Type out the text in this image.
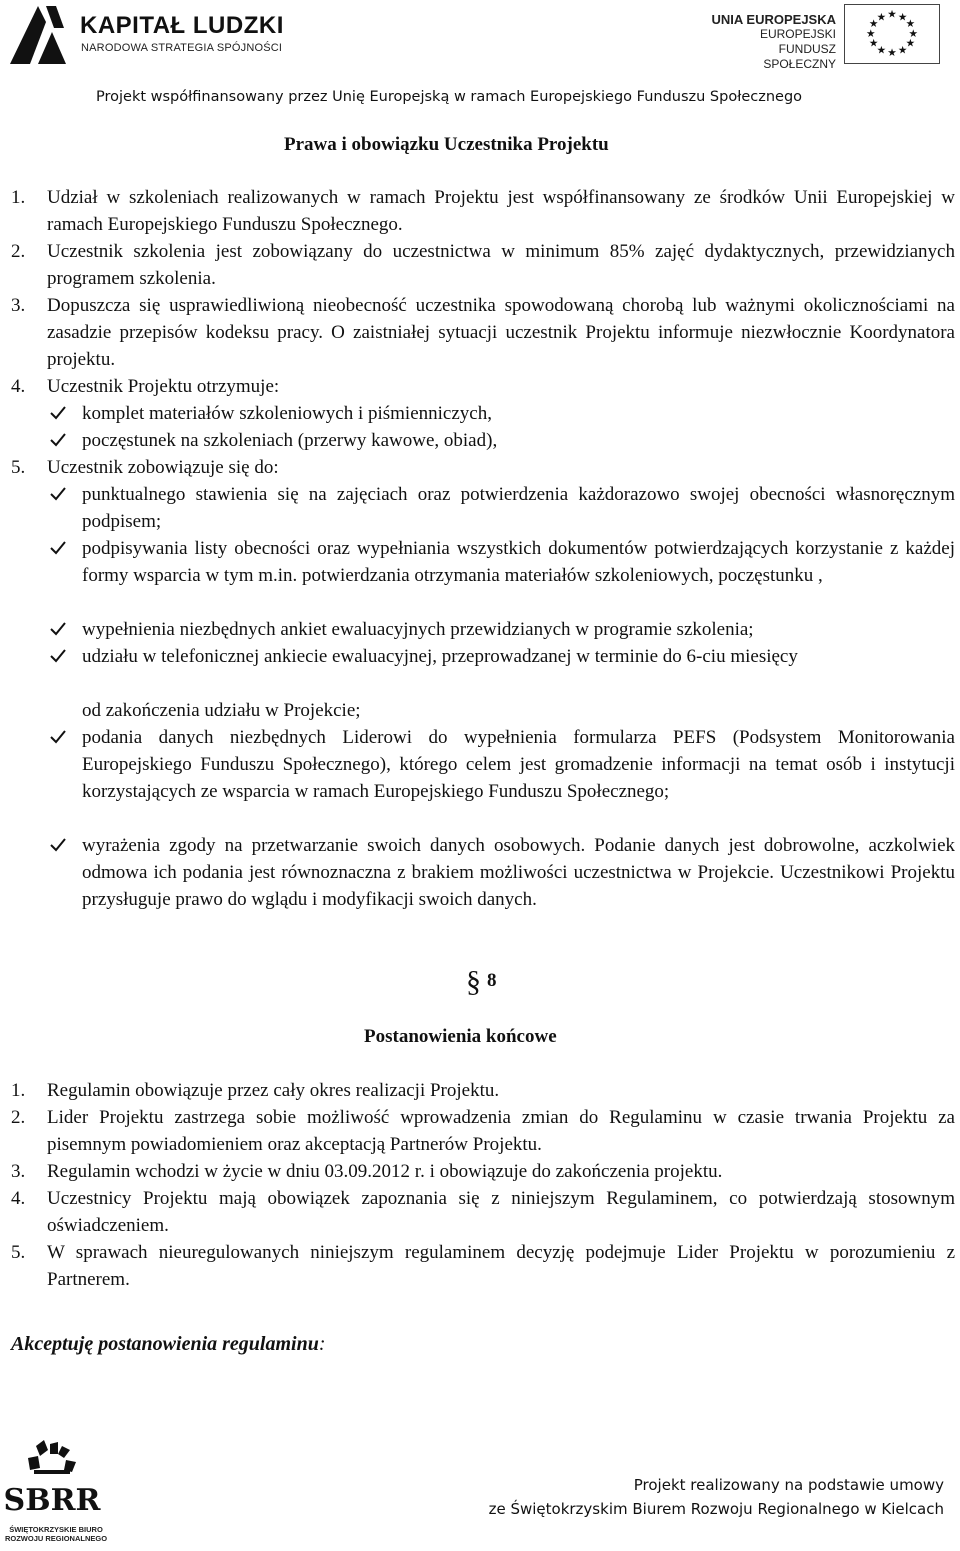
KAPITAŁ LUDZKI
NARODOWA STRATEGIA SPÓJNOŚCI
UNIA EUROPEJSKA
EUROPEJSKI
FUNDUSZ SPOŁECZNY
★ ★
★
★
★
★
★
★
★
★
★
★
Projekt współfinansowany przez Unię Europejską w ramach Europejskiego Funduszu Społecznego
Prawa i obowiązku Uczestnika Projektu
1. Udział w szkoleniach realizowanych w ramach Projektu jest współfinansowany ze środków Unii Europejskiej w ramach Europejskiego Funduszu Społecznego.
2. Uczestnik szkolenia jest zobowiązany do uczestnictwa w minimum 85% zajęć dydaktycznych, przewidzianych programem szkolenia.
3. Dopuszcza się usprawiedliwioną nieobecność uczestnika spowodowaną chorobą lub ważnymi okolicznościami na zasadzie przepisów kodeksu pracy. O zaistniałej sytuacji uczestnik Projektu informuje niezwłocznie Koordynatora projektu.
4. Uczestnik Projektu otrzymuje:
komplet materiałów szkoleniowych i piśmienniczych,
poczęstunek na szkoleniach (przerwy kawowe, obiad),
5. Uczestnik zobowiązuje się do:
punktualnego stawienia się na zajęciach oraz potwierdzenia każdorazowo swojej obecności własnoręcznym podpisem;
podpisywania listy obecności oraz wypełniania wszystkich dokumentów potwierdzających korzystanie z każdej formy wsparcia w tym m.in. potwierdzania otrzymania materiałów szkoleniowych, poczęstunku ,
wypełnienia niezbędnych ankiet ewaluacyjnych przewidzianych w programie szkolenia;
udziału w telefonicznej ankiecie ewaluacyjnej, przeprowadzanej w terminie do 6-ciu miesięcy
od zakończenia udziału w Projekcie;
podania danych niezbędnych Liderowi do wypełnienia formularza PEFS (Podsystem Monitorowania Europejskiego Funduszu Społecznego), którego celem jest gromadzenie informacji na temat osób i instytucji korzystających ze wsparcia w ramach Europejskiego Funduszu Społecznego;
wyrażenia zgody na przetwarzanie swoich danych osobowych. Podanie danych jest dobrowolne, aczkolwiek odmowa ich podania jest równoznaczna z brakiem możliwości uczestnictwa w Projekcie. Uczestnikowi Projektu przysługuje prawo do wglądu i modyfikacji swoich danych.
§ 8
Postanowienia końcowe
1. Regulamin obowiązuje przez cały okres realizacji Projektu.
2. Lider Projektu zastrzega sobie możliwość wprowadzenia zmian do Regulaminu w czasie trwania Projektu za pisemnym powiadomieniem oraz akceptacją Partnerów Projektu.
3. Regulamin wchodzi w życie w dniu 03.09.2012 r. i obowiązuje do zakończenia projektu.
4. Uczestnicy Projektu mają obowiązek zapoznania się z niniejszym Regulaminem, co potwierdzają stosownym oświadczeniem.
5. W sprawach nieuregulowanych niniejszym regulaminem decyzję podejmuje Lider Projektu w porozumieniu z Partnerem.
Akceptuję postanowienia regulaminu:
SBRR
ŚWIĘTOKRZYSKIE BIURO
ROZWOJU REGIONALNEGO
Projekt realizowany na podstawie umowy
ze Świętokrzyskim Biurem Rozwoju Regionalnego w Kielcach
